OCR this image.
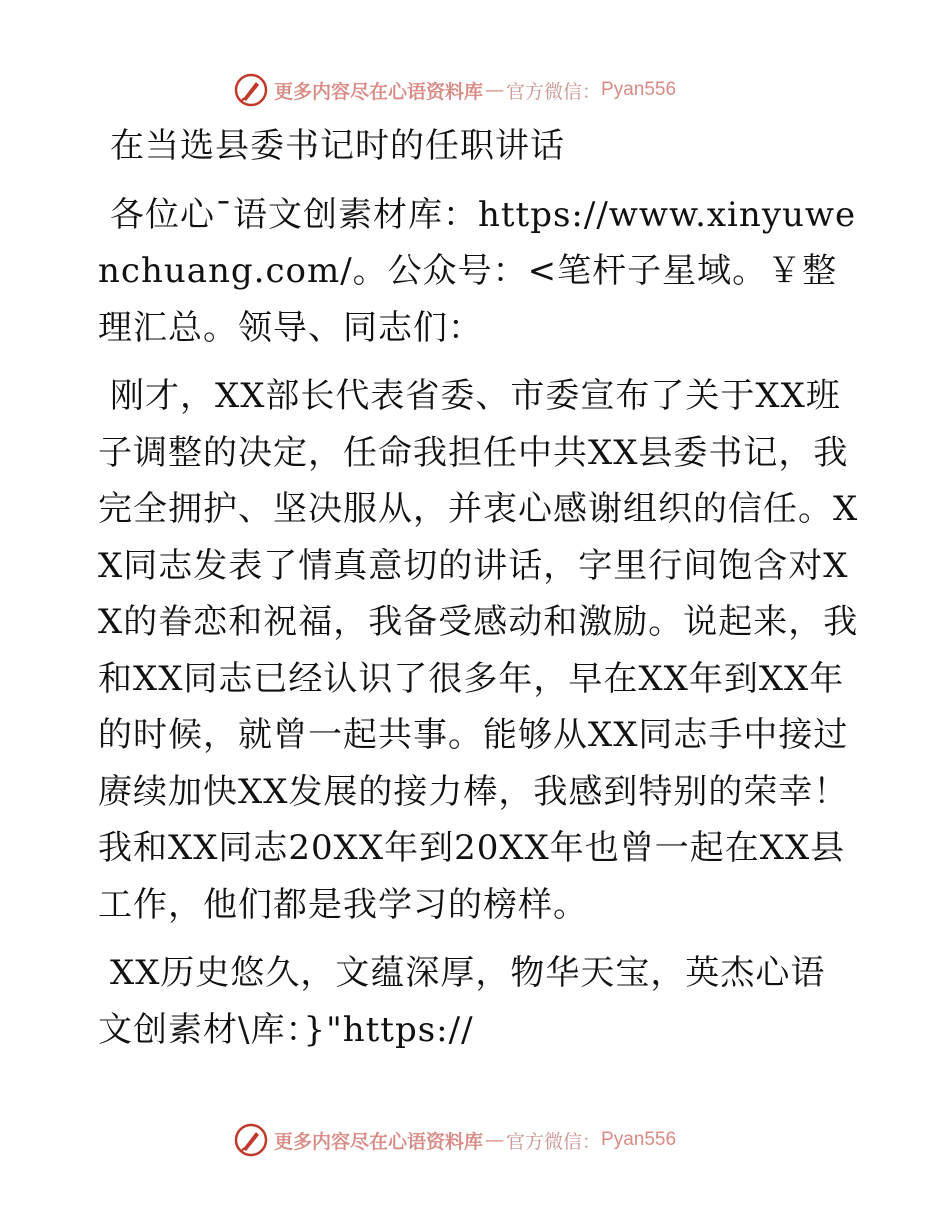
更多内容尽在心语资料库 — 官方微信： Pyan556

在当选县委书记时的任职讲话

各位心¯语文创素材库：https://www.xinyuwenchuang.com/。公众号：<笔杆子星域。￥整理汇总。领导、同志们：

刚才，XX部长代表省委、市委宣布了关于XX班子调整的决定，任命我担任中共XX县委书记，我完全拥护、坚决服从，并衷心感谢组织的信任。XX同志发表了情真意切的讲话，字里行间饱含对XX的眷恋和祝福，我备受感动和激励。说起来，我和XX同志已经认识了很多年，早在XX年到XX年的时候，就曾一起共事。能够从XX同志手中接过赓续加快XX发展的接力棒，我感到特别的荣幸！我和XX同志20XX年到20XX年也曾一起在XX县工作，他们都是我学习的榜样。

XX历史悠久，文蕴深厚，物华天宝，英杰心语文创素材\库：}"https://

更多内容尽在心语资料库 — 官方微信： Pyan556
